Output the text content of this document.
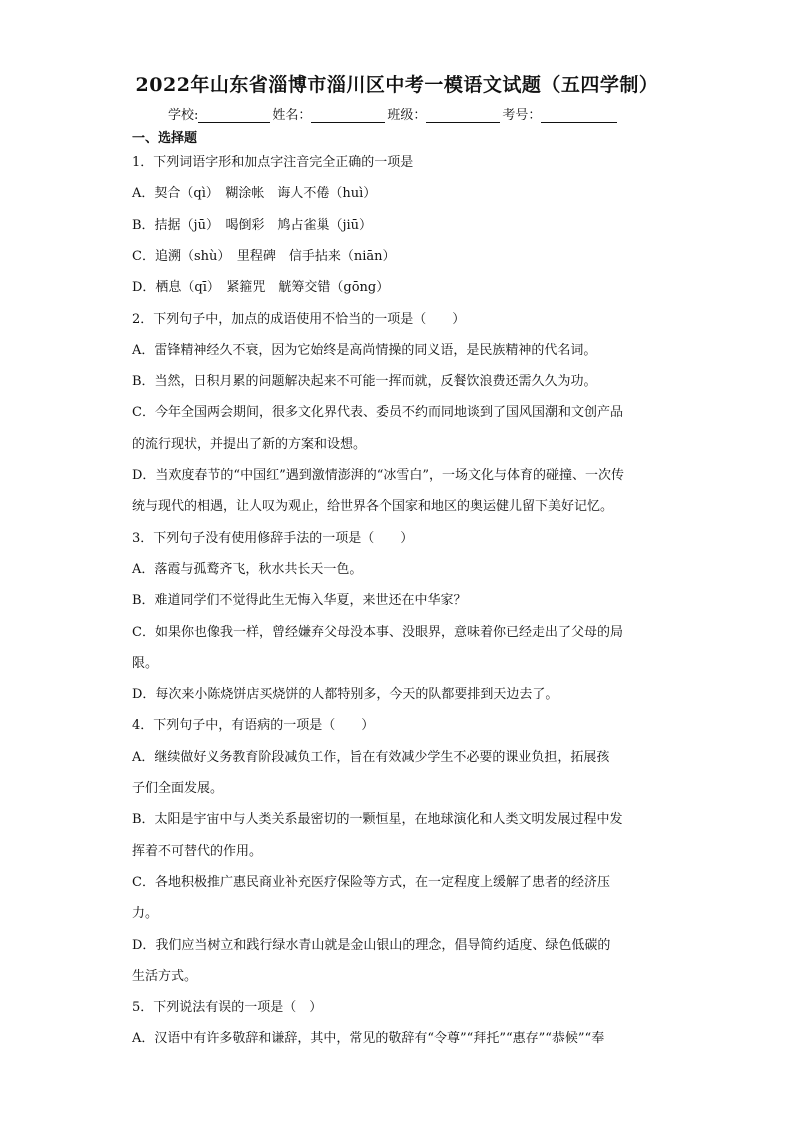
2022年山东省淄博市淄川区中考一模语文试题（五四学制）
学校:	姓名：	班级：	考号：
一、选择题
1．下列词语字形和加点字注音完全正确的一项是
A．契合（qì）　糊涂帐　诲人不倦（huì）
B．拮据（jū）　喝倒彩　鸠占雀巢（jiū）
C．追溯（shù）　里程碑　信手拈来（niān）
D．栖息（qī）　紧箍咒　觥筹交错（gōng）
2．下列句子中，加点的成语使用不恰当的一项是（　　）
A．雷锋精神经久不衰，因为它始终是高尚情操的同义语，是民族精神的代名词。
B．当然，日积月累的问题解决起来不可能一挥而就，反餐饮浪费还需久久为功。
C．今年全国两会期间，很多文化界代表、委员不约而同地谈到了国风国潮和文创产品
的流行现状，并提出了新的方案和设想。
D．当欢度春节的“中国红”遇到激情澎湃的“冰雪白”，一场文化与体育的碰撞、一次传
统与现代的相遇，让人叹为观止，给世界各个国家和地区的奥运健儿留下美好记忆。
3．下列句子没有使用修辞手法的一项是（　　）
A．落霞与孤鹜齐飞，秋水共长天一色。
B．难道同学们不觉得此生无悔入华夏，来世还在中华家？
C．如果你也像我一样，曾经嫌弃父母没本事、没眼界，意味着你已经走出了父母的局
限。
D．每次来小陈烧饼店买烧饼的人都特别多，今天的队都要排到天边去了。
4．下列句子中，有语病的一项是（　　）
A．继续做好义务教育阶段减负工作，旨在有效减少学生不必要的课业负担，拓展孩
子们全面发展。
B．太阳是宇宙中与人类关系最密切的一颗恒星，在地球演化和人类文明发展过程中发
挥着不可替代的作用。
C．各地积极推广惠民商业补充医疗保险等方式，在一定程度上缓解了患者的经济压
力。
D．我们应当树立和践行绿水青山就是金山银山的理念，倡导简约适度、绿色低碳的
生活方式。
5．下列说法有误的一项是（　）
A．汉语中有许多敬辞和谦辞，其中，常见的敬辞有“令尊”“拜托”“惠存”“恭候”“奉
